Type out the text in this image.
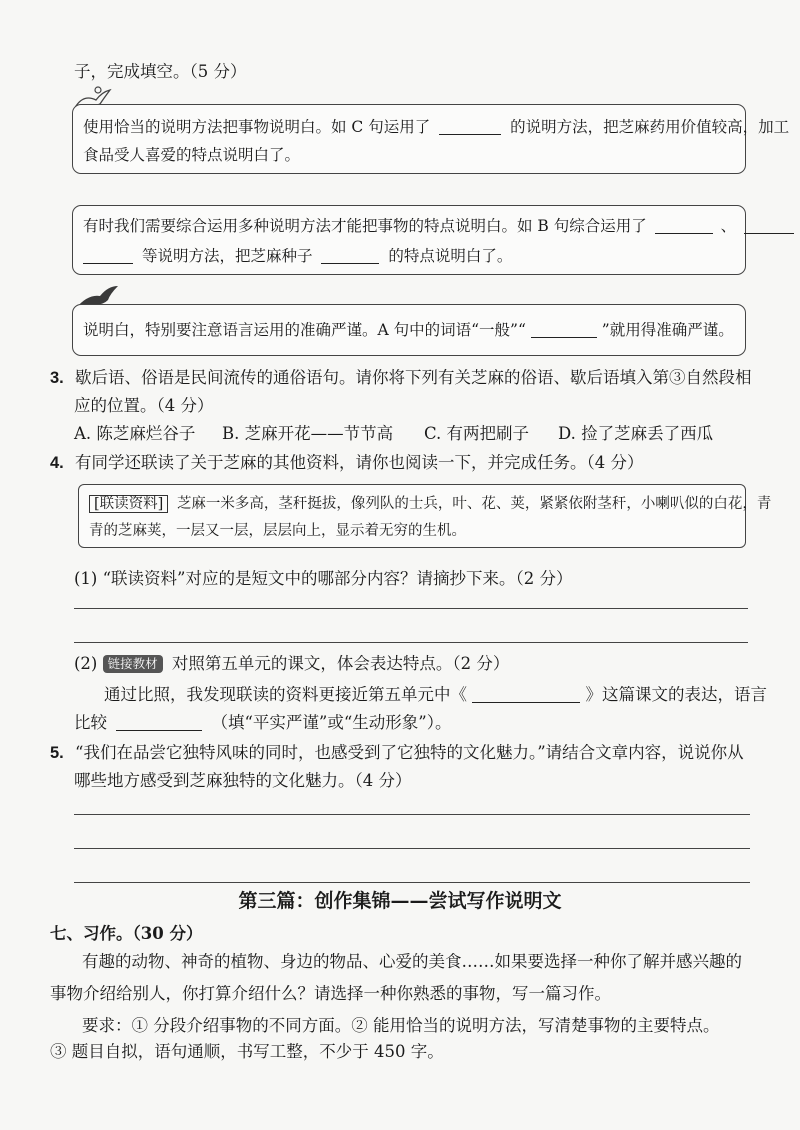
子，完成填空。（5 分）
使用恰当的说明方法把事物说明白。如 C 句运用了	的说明方法，把芝麻药用价值较高，加工
食品受人喜爱的特点说明白了。
有时我们需要综合运用多种说明方法才能把事物的特点说明白。如 B 句综合运用了	、
等说明方法，把芝麻种子	的特点说明白了。
说明白，特别要注意语言运用的准确严谨。A 句中的词语“一般”“	”就用得准确严谨。
3. 歇后语、俗语是民间流传的通俗语句。请你将下列有关芝麻的俗语、歇后语填入第③自然段相
应的位置。（4 分）
A. 陈芝麻烂谷子 B. 芝麻开花——节节高 C. 有两把刷子 D. 捡了芝麻丢了西瓜
4. 有同学还联读了关于芝麻的其他资料，请你也阅读一下，并完成任务。（4 分）
[联读资料] 芝麻一米多高，茎秆挺拔，像列队的士兵，叶、花、荚，紧紧依附茎秆，小喇叭似的白花，青
青的芝麻荚，一层又一层，层层向上，显示着无穷的生机。
(1) “联读资料”对应的是短文中的哪部分内容？请摘抄下来。（2 分）
(2) 链接教材 对照第五单元的课文，体会表达特点。（2 分）
通过比照，我发现联读的资料更接近第五单元中《	》这篇课文的表达，语言
比较	（填“平实严谨”或“生动形象”）。
5. “我们在品尝它独特风味的同时，也感受到了它独特的文化魅力。”请结合文章内容，说说你从
哪些地方感受到芝麻独特的文化魅力。（4 分）
第三篇：创作集锦——尝试写作说明文
七、习作。（30 分）
有趣的动物、神奇的植物、身边的物品、心爱的美食……如果要选择一种你了解并感兴趣的
事物介绍给别人，你打算介绍什么？请选择一种你熟悉的事物，写一篇习作。
要求：① 分段介绍事物的不同方面。② 能用恰当的说明方法，写清楚事物的主要特点。
③ 题目自拟，语句通顺，书写工整，不少于 450 字。
